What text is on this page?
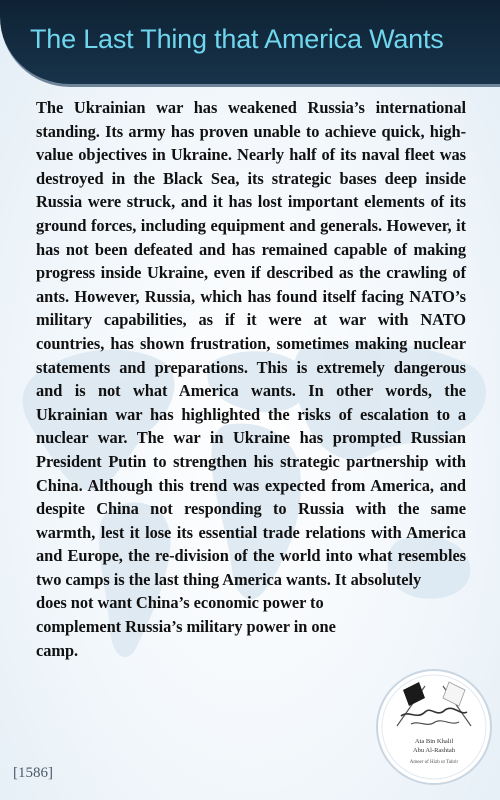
The Last Thing that America Wants
The Ukrainian war has weakened Russia’s international standing. Its army has proven unable to achieve quick, high-value objectives in Ukraine. Nearly half of its naval fleet was destroyed in the Black Sea, its strategic bases deep inside Russia were struck, and it has lost important elements of its ground forces, including equipment and generals. However, it has not been defeated and has remained capable of making progress inside Ukraine, even if described as the crawling of ants. However, Russia, which has found itself facing NATO’s military capabilities, as if it were at war with NATO countries, has shown frustration, sometimes making nuclear statements and preparations. This is extremely dangerous and is not what America wants. In other words, the Ukrainian war has highlighted the risks of escalation to a nuclear war. The war in Ukraine has prompted Russian President Putin to strengthen his strategic partnership with China. Although this trend was expected from America, and despite China not responding to Russia with the same warmth, lest it lose its essential trade relations with America and Europe, the re-division of the world into what resembles two camps is the last thing America wants. It absolutely
does not want China’s economic power to
complement Russia’s military power in one
camp.
[1586]
Ata Bin Khalil
Abu Al-Rashtah
Ameer of Hizb ut Tahrir
